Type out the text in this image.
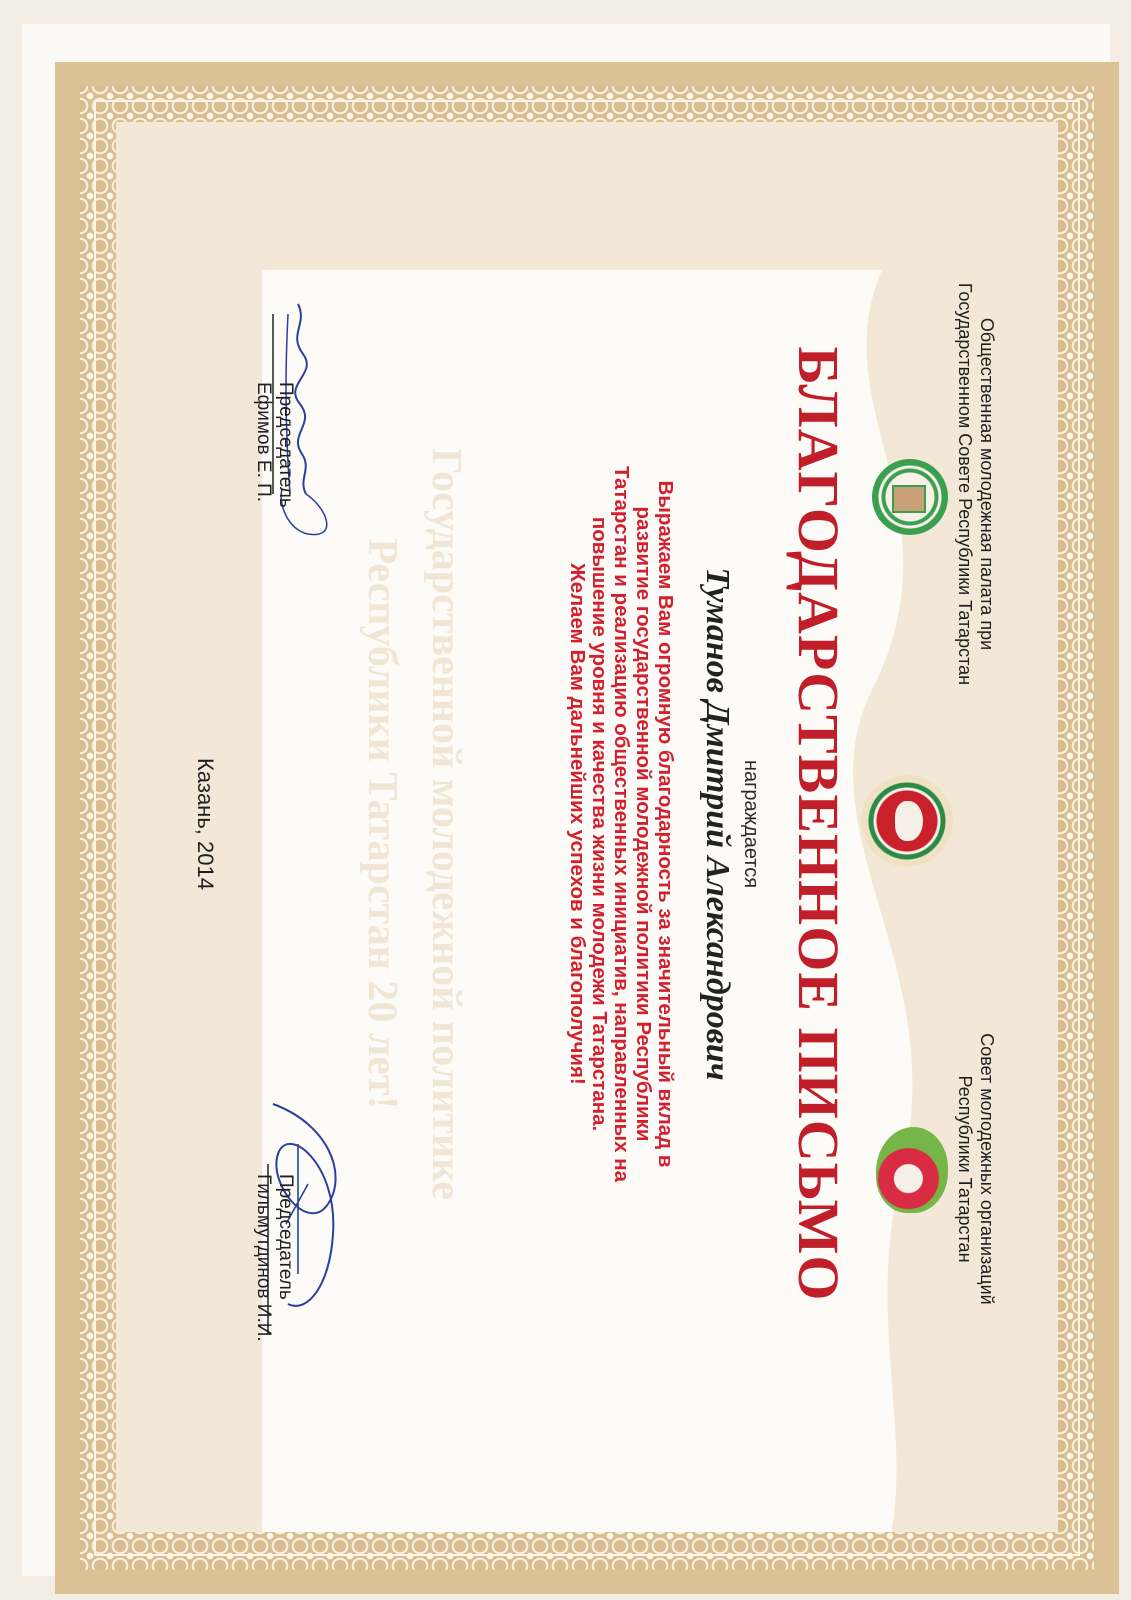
Общественная молодежная палата при
Государственном Совете Республики Татарстан
Совет молодежных организаций
Республики Татарстан

Государственной молодежной политике

Республики Татарстан 20 лет!	БЛАГОДАРСТВЕННОЕ ПИСЬМО
награждается
Туманов Дмитрий Александрович

Выражаем Вам огромную благодарность за значительный вклад в

развитие государственной молодежной политики Республики

Татарстан и реализацию общественных инициатив, направленных на

повышение уровня и качества жизни молодежи Татарстана.

Желаем Вам дальнейших успехов и благополучия!

Председатель
Ефимов Е. П.
Председатель
Гильмутдинов И.И.
Казань, 2014
